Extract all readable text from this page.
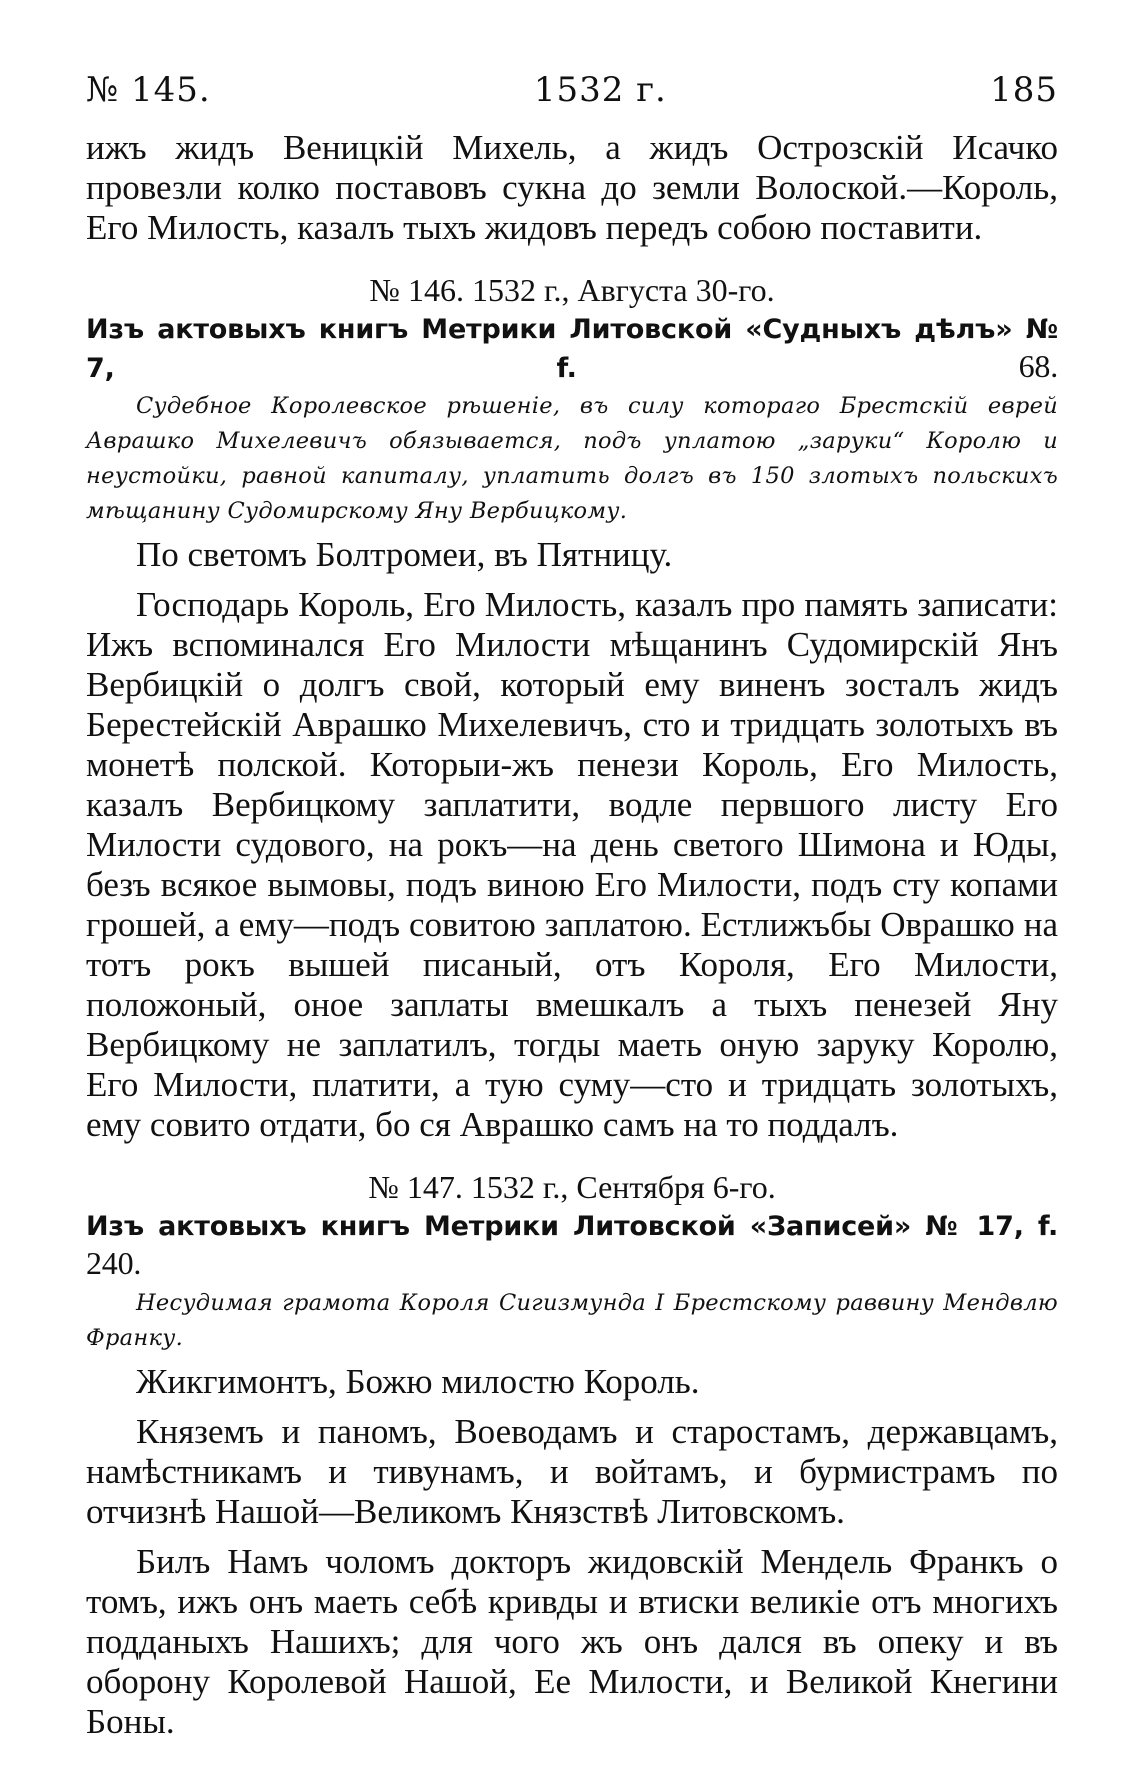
№ 145.	1532 г.	185

ижъ жидъ Веницкій Михель, а жидъ Острозскій Исачко провезли колко поставовъ сукна до земли Волоской.—Король, Его Милость, казалъ тыхъ жидовъ передъ собою поставити.

№ 146. 1532 г., Августа 30-го.
Изъ актовыхъ книгъ Метрики Литовской «Судныхъ дѣлъ» № 7, f.	68.
Судебное Королевское рѣшеніе, въ силу котораго Брестскій еврей Аврашко Михелевичъ обязывается, подъ уплатою „заруки“ Королю и неустойки, равной капиталу, уплатить долгъ въ 150 злотыхъ польскихъ мѣщанину Судомирскому Яну Вербицкому.

По светомъ Болтромеи, въ Пятницу.

Господарь Король, Его Милость, казалъ про память записати: Ижъ вспоминался Его Милости мѣщанинъ Судомирскій Янъ Вербицкій о долгъ свой, который ему виненъ зосталъ жидъ Берестейскій Аврашко Михелевичъ, сто и тридцать золотыхъ въ монетѣ полской. Которыи-жъ пенези Король, Его Милость, казалъ Вербицкому заплатити, водле первшого листу Его Милости судового, на рокъ—на день светого Шимона и Юды, безъ всякое вымовы, подъ виною Его Милости, подъ сту копами грошей, а ему—подъ совитою заплатою. Естлижъбы Оврашко на тотъ рокъ вышей писаный, отъ Короля, Его Милости, положоный, оное заплаты вмешкалъ а тыхъ пенезей Яну Вербицкому не заплатилъ, тогды маеть оную заруку Королю, Его Милости, платити, а тую суму—сто и тридцать золотыхъ, ему совито отдати, бо ся Аврашко самъ на то поддалъ.

№ 147. 1532 г., Сентября 6-го.
Изъ актовыхъ книгъ Метрики Литовской «Записей» № 17, f. 240.
Несудимая грамота Короля Сигизмунда I Брестскому раввину Мендвлю Франку.

Жикгимонтъ, Божю милостю Король.

Княземъ и паномъ, Воеводамъ и старостамъ, державцамъ, намѣстникамъ и тивунамъ, и войтамъ, и бурмистрамъ по отчизнѣ Нашой—Великомъ Князствѣ Литовскомъ.

Билъ Намъ чоломъ докторъ жидовскій Мендель Франкъ о томъ, ижъ онъ маеть себѣ кривды и втиски великіе отъ многихъ подданыхъ Нашихъ; для чого жъ онъ дался въ опеку и въ оборону Королевой Нашой, Ее Милости, и Великой Кнегини Боны.
